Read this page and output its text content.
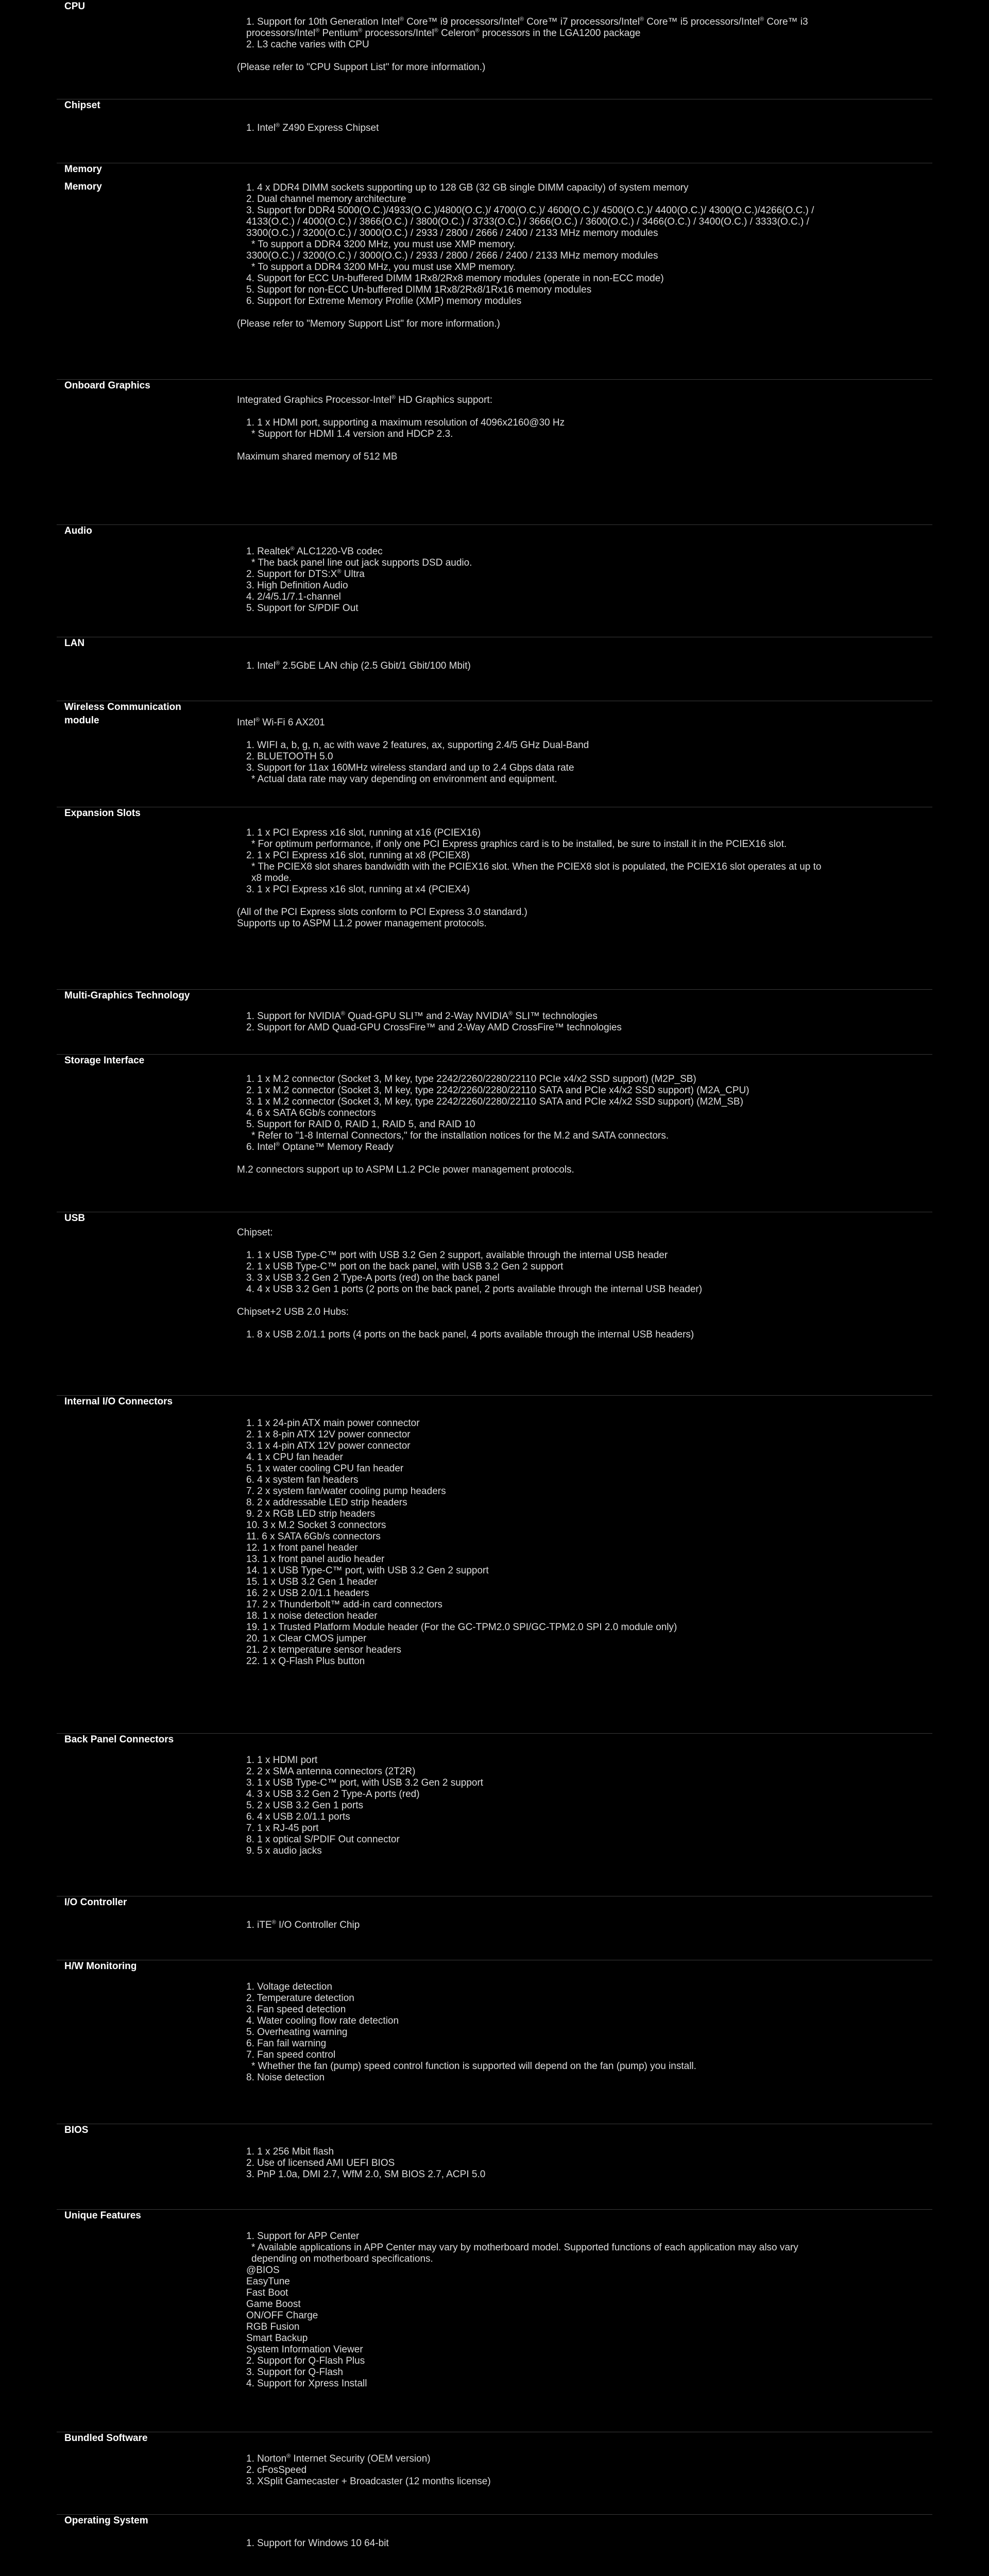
CPU
1. Support for 10th Generation Intel® Core™ i9 processors/Intel® Core™ i7 processors/Intel® Core™ i5 processors/Intel® Core™ i3
processors/Intel® Pentium® processors/Intel® Celeron® processors in the LGA1200 package
2. L3 cache varies with CPU
(Please refer to "CPU Support List" for more information.)
Chipset
1. Intel® Z490 Express Chipset
Memory
Memory	1. 4 x DDR4 DIMM sockets supporting up to 128 GB (32 GB single DIMM capacity) of system memory
2. Dual channel memory architecture
3. Support for DDR4 5000(O.C.)/4933(O.C.)/4800(O.C.)/ 4700(O.C.)/ 4600(O.C.)/ 4500(O.C.)/ 4400(O.C.)/ 4300(O.C.)/4266(O.C.) /
4133(O.C.) / 4000(O.C.) / 3866(O.C.) / 3800(O.C.) / 3733(O.C.) / 3666(O.C.) / 3600(O.C.) / 3466(O.C.) / 3400(O.C.) / 3333(O.C.) /
3300(O.C.) / 3200(O.C.) / 3000(O.C.) / 2933 / 2800 / 2666 / 2400 / 2133 MHz memory modules
* To support a DDR4 3200 MHz, you must use XMP memory.
3300(O.C.) / 3200(O.C.) / 3000(O.C.) / 2933 / 2800 / 2666 / 2400 / 2133 MHz memory modules
* To support a DDR4 3200 MHz, you must use XMP memory.
4. Support for ECC Un-buffered DIMM 1Rx8/2Rx8 memory modules (operate in non-ECC mode)
5. Support for non-ECC Un-buffered DIMM 1Rx8/2Rx8/1Rx16 memory modules
6. Support for Extreme Memory Profile (XMP) memory modules
(Please refer to "Memory Support List" for more information.)
Onboard Graphics
Integrated Graphics Processor-Intel® HD Graphics support:
1. 1 x HDMI port, supporting a maximum resolution of 4096x2160@30 Hz
* Support for HDMI 1.4 version and HDCP 2.3.
Maximum shared memory of 512 MB
Audio
1. Realtek® ALC1220-VB codec
* The back panel line out jack supports DSD audio.
2. Support for DTS:X® Ultra
3. High Definition Audio
4. 2/4/5.1/7.1-channel
5. Support for S/PDIF Out
LAN
1. Intel® 2.5GbE LAN chip (2.5 Gbit/1 Gbit/100 Mbit)
Wireless Communication
module	Intel® Wi-Fi 6 AX201
1. WIFI a, b, g, n, ac with wave 2 features, ax, supporting 2.4/5 GHz Dual-Band
2. BLUETOOTH 5.0
3. Support for 11ax 160MHz wireless standard and up to 2.4 Gbps data rate
* Actual data rate may vary depending on environment and equipment.
Expansion Slots
1. 1 x PCI Express x16 slot, running at x16 (PCIEX16)
* For optimum performance, if only one PCI Express graphics card is to be installed, be sure to install it in the PCIEX16 slot.
2. 1 x PCI Express x16 slot, running at x8 (PCIEX8)
* The PCIEX8 slot shares bandwidth with the PCIEX16 slot. When the PCIEX8 slot is populated, the PCIEX16 slot operates at up to
x8 mode.
3. 1 x PCI Express x16 slot, running at x4 (PCIEX4)
(All of the PCI Express slots conform to PCI Express 3.0 standard.)
Supports up to ASPM L1.2 power management protocols.
Multi-Graphics Technology
1. Support for NVIDIA® Quad-GPU SLI™ and 2-Way NVIDIA® SLI™ technologies
2. Support for AMD Quad-GPU CrossFire™ and 2-Way AMD CrossFire™ technologies
Storage Interface
1. 1 x M.2 connector (Socket 3, M key, type 2242/2260/2280/22110 PCIe x4/x2 SSD support) (M2P_SB)
2. 1 x M.2 connector (Socket 3, M key, type 2242/2260/2280/22110 SATA and PCIe x4/x2 SSD support) (M2A_CPU)
3. 1 x M.2 connector (Socket 3, M key, type 2242/2260/2280/22110 SATA and PCIe x4/x2 SSD support) (M2M_SB)
4. 6 x SATA 6Gb/s connectors
5. Support for RAID 0, RAID 1, RAID 5, and RAID 10
* Refer to "1-8 Internal Connectors," for the installation notices for the M.2 and SATA connectors.
6. Intel® Optane™ Memory Ready
M.2 connectors support up to ASPM L1.2 PCIe power management protocols.
USB
Chipset:
1. 1 x USB Type-C™ port with USB 3.2 Gen 2 support, available through the internal USB header
2. 1 x USB Type-C™ port on the back panel, with USB 3.2 Gen 2 support
3. 3 x USB 3.2 Gen 2 Type-A ports (red) on the back panel
4. 4 x USB 3.2 Gen 1 ports (2 ports on the back panel, 2 ports available through the internal USB header)
Chipset+2 USB 2.0 Hubs:
1. 8 x USB 2.0/1.1 ports (4 ports on the back panel, 4 ports available through the internal USB headers)
Internal I/O Connectors
1. 1 x 24-pin ATX main power connector
2. 1 x 8-pin ATX 12V power connector
3. 1 x 4-pin ATX 12V power connector
4. 1 x CPU fan header
5. 1 x water cooling CPU fan header
6. 4 x system fan headers
7. 2 x system fan/water cooling pump headers
8. 2 x addressable LED strip headers
9. 2 x RGB LED strip headers
10. 3 x M.2 Socket 3 connectors
11. 6 x SATA 6Gb/s connectors
12. 1 x front panel header
13. 1 x front panel audio header
14. 1 x USB Type-C™ port, with USB 3.2 Gen 2 support
15. 1 x USB 3.2 Gen 1 header
16. 2 x USB 2.0/1.1 headers
17. 2 x Thunderbolt™ add-in card connectors
18. 1 x noise detection header
19. 1 x Trusted Platform Module header (For the GC-TPM2.0 SPI/GC-TPM2.0 SPI 2.0 module only)
20. 1 x Clear CMOS jumper
21. 2 x temperature sensor headers
22. 1 x Q-Flash Plus button
Back Panel Connectors
1. 1 x HDMI port
2. 2 x SMA antenna connectors (2T2R)
3. 1 x USB Type-C™ port, with USB 3.2 Gen 2 support
4. 3 x USB 3.2 Gen 2 Type-A ports (red)
5. 2 x USB 3.2 Gen 1 ports
6. 4 x USB 2.0/1.1 ports
7. 1 x RJ-45 port
8. 1 x optical S/PDIF Out connector
9. 5 x audio jacks
I/O Controller
1. iTE® I/O Controller Chip
H/W Monitoring
1. Voltage detection
2. Temperature detection
3. Fan speed detection
4. Water cooling flow rate detection
5. Overheating warning
6. Fan fail warning
7. Fan speed control
* Whether the fan (pump) speed control function is supported will depend on the fan (pump) you install.
8. Noise detection
BIOS
1. 1 x 256 Mbit flash
2. Use of licensed AMI UEFI BIOS
3. PnP 1.0a, DMI 2.7, WfM 2.0, SM BIOS 2.7, ACPI 5.0
Unique Features
1. Support for APP Center
* Available applications in APP Center may vary by motherboard model. Supported functions of each application may also vary
depending on motherboard specifications.
@BIOS
EasyTune
Fast Boot
Game Boost
ON/OFF Charge
RGB Fusion
Smart Backup
System Information Viewer
2. Support for Q-Flash Plus
3. Support for Q-Flash
4. Support for Xpress Install
Bundled Software
1. Norton® Internet Security (OEM version)
2. cFosSpeed
3. XSplit Gamecaster + Broadcaster (12 months license)
Operating System
1. Support for Windows 10 64-bit
